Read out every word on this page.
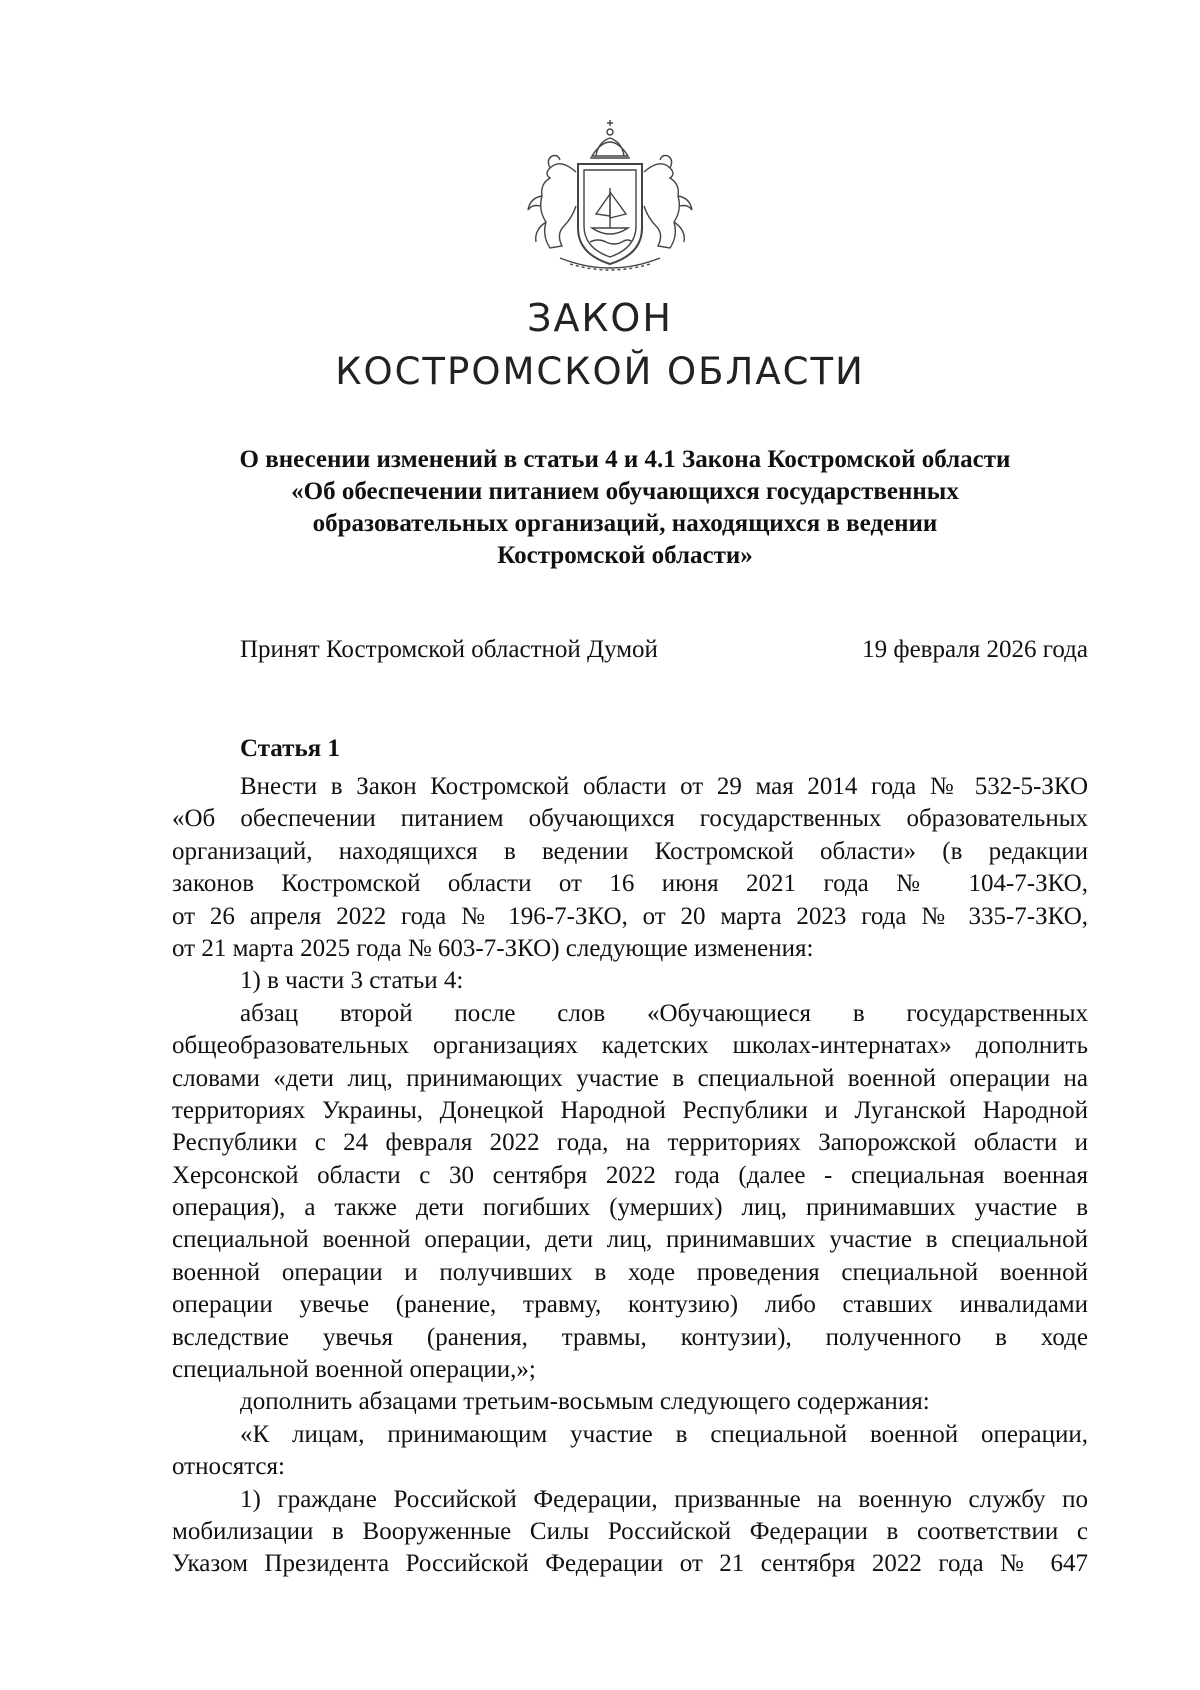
ЗАКОН
КОСТРОМСКОЙ ОБЛАСТИ
О внесении изменений в статьи 4 и 4.1 Закона Костромской области
«Об обеспечении питанием обучающихся государственных
образовательных организаций, находящихся в ведении
Костромской области»
Принят Костромской областной Думой	19 февраля 2026 года
Статья 1
Внести в Закон Костромской области от 29 мая 2014 года № 532-5-ЗКО
«Об обеспечении питанием обучающихся государственных образовательных
организаций, находящихся в ведении Костромской области» (в редакции
законов Костромской области от 16 июня 2021 года № 104-7-ЗКО,
от 26 апреля 2022 года № 196-7-ЗКО, от 20 марта 2023 года № 335-7-ЗКО,
от 21 марта 2025 года № 603-7-ЗКО) следующие изменения:
1) в части 3 статьи 4:
абзац второй после слов «Обучающиеся в государственных
общеобразовательных организациях кадетских школах-интернатах» дополнить
словами «дети лиц, принимающих участие в специальной военной операции на
территориях Украины, Донецкой Народной Республики и Луганской Народной
Республики с 24 февраля 2022 года, на территориях Запорожской области и
Херсонской области с 30 сентября 2022 года (далее - специальная военная
операция), а также дети погибших (умерших) лиц, принимавших участие в
специальной военной операции, дети лиц, принимавших участие в специальной
военной операции и получивших в ходе проведения специальной военной
операции увечье (ранение, травму, контузию) либо ставших инвалидами
вследствие увечья (ранения, травмы, контузии), полученного в ходе
специальной военной операции,»;
дополнить абзацами третьим-восьмым следующего содержания:
«К лицам, принимающим участие в специальной военной операции,
относятся:
1) граждане Российской Федерации, призванные на военную службу по
мобилизации в Вооруженные Силы Российской Федерации в соответствии с
Указом Президента Российской Федерации от 21 сентября 2022 года № 647
